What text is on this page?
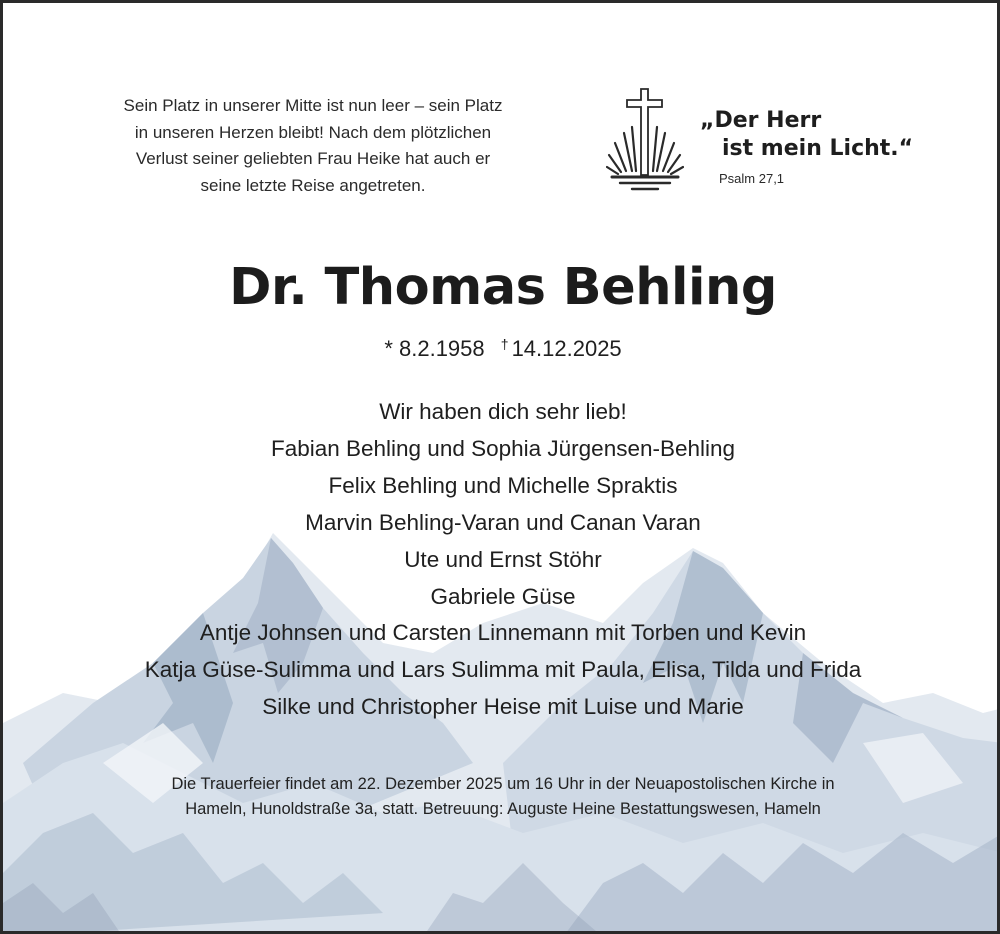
Sein Platz in unserer Mitte ist nun leer – sein Platz
in unseren Herzen bleibt! Nach dem plötzlichen
Verlust seiner geliebten Frau Heike hat auch er
seine letzte Reise angetreten.
„Der Herr
ist mein Licht.“
Psalm 27,1
Dr. Thomas Behling
* 8.2.1958 † 14.12.2025
Wir haben dich sehr lieb!
Fabian Behling und Sophia Jürgensen-Behling
Felix Behling und Michelle Spraktis
Marvin Behling-Varan und Canan Varan
Ute und Ernst Stöhr
Gabriele Güse
Antje Johnsen und Carsten Linnemann mit Torben und Kevin
Katja Güse-Sulimma und Lars Sulimma mit Paula, Elisa, Tilda und Frida
Silke und Christopher Heise mit Luise und Marie
Die Trauerfeier findet am 22. Dezember 2025 um 16 Uhr in der Neuapostolischen Kirche in
Hameln, Hunoldstraße 3a, statt. Betreuung: Auguste Heine Bestattungswesen, Hameln
